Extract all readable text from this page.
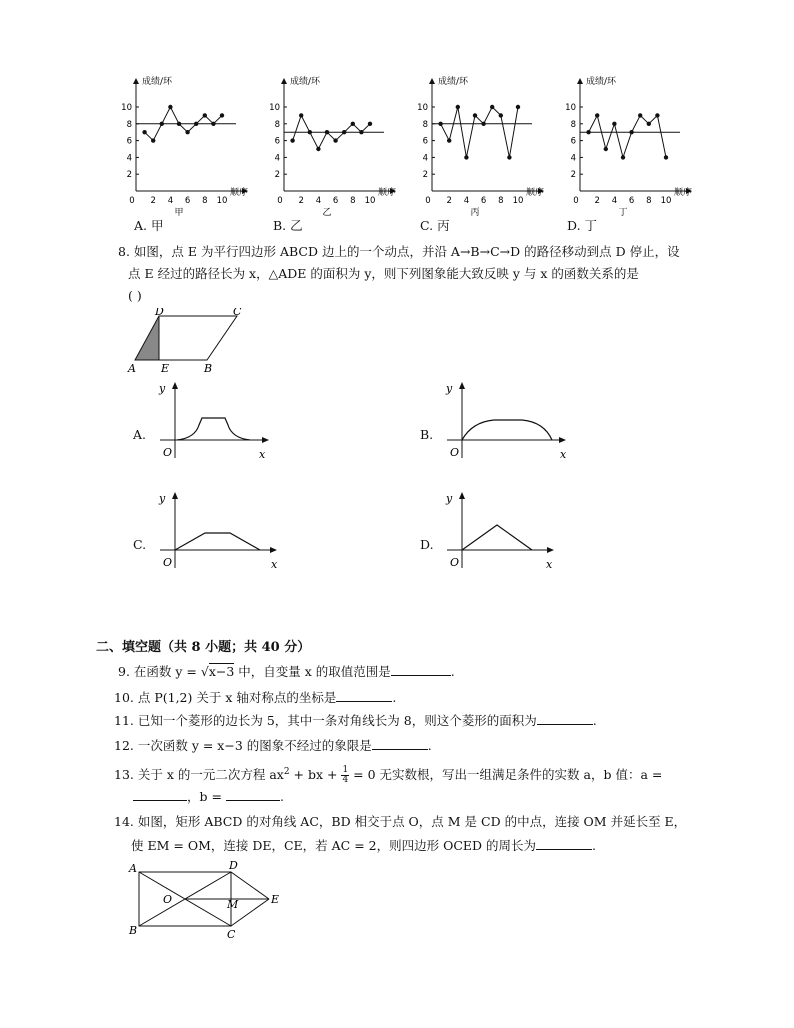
成绩/环
顺序
2
4
6
8
10
0 2 4 6 8 10
甲
成绩/环
顺序
2
4
6
8
10
0 2 4 6 8 10
乙
成绩/环
顺序
2
4
6
8
10
0 2 4 6 8 10
丙
成绩/环
顺序
2
4
6
8
10
0 2 4 6 8 10
丁
A. 甲	B. 乙	C. 丙	D. 丁
8. 如图，点 E 为平行四边形 ABCD 边上的一个动点，并沿 A→B→C→D 的路径移动到点 D 停止，设
点 E 经过的路径长为 x，△ADE 的面积为 y，则下列图象能大致反映 y 与 x 的函数关系的是
( )
A E	B
D	C
A.
y
x
O
B.
y
x
O
C.
y
x
O
D.
y
x
O
二、填空题（共 8 小题；共 40 分）
9. 在函数 y = √x−3 中，自变量 x 的取值范围是	.
10. 点 P(1,2) 关于 x 轴对称点的坐标是	.
11. 已知一个菱形的边长为 5，其中一条对角线长为 8，则这个菱形的面积为	.
12. 一次函数 y = x−3 的图象不经过的象限是	.
13. 关于 x 的一元二次方程 $ax^2$ + bx + $\frac{1}{4} = 0$ 无实数根，写出一组满足条件的实数 a，b 值：a =
，b =	.
14. 如图，矩形 ABCD 的对角线 AC，BD 相交于点 O，点 M 是 CD 的中点，连接 OM 并延长至 E，
使 EM = OM，连接 DE，CE，若 AC = 2，则四边形 OCED 的周长为	.
A
B	C
D
O	M	E
